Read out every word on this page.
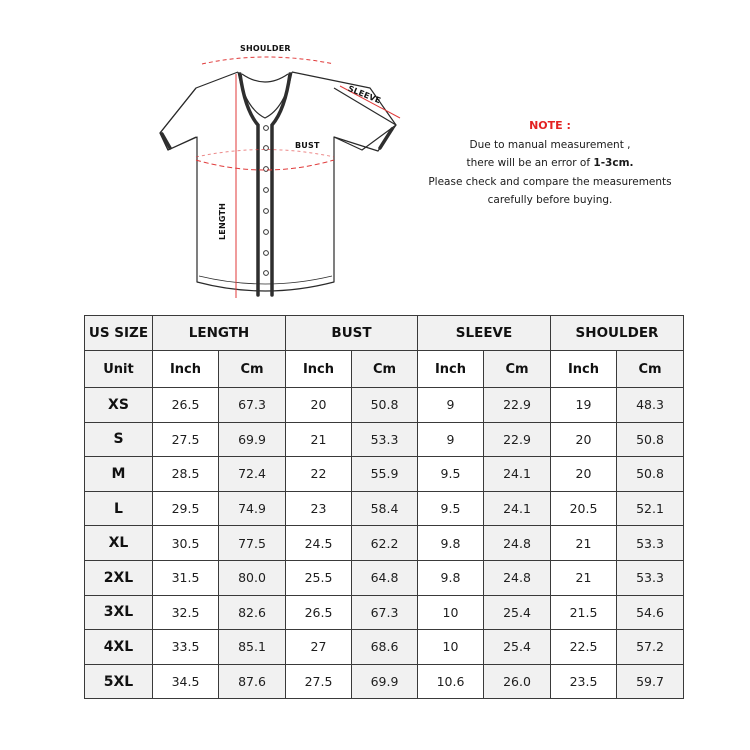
SHOULDER
SLEEVE
BUST
LENGTH
NOTE :
Due to manual measurement ,
there will be an error of 1-3cm.
Please check and compare the measurements
carefully before buying.
US SIZE	LENGTH		BUST		SLEEVE		SHOULDER	
Unit	Inch	Cm	Inch	Cm	Inch	Cm	Inch	Cm
XS	26.5	67.3	20	50.8	9	22.9	19	48.3
S	27.5	69.9	21	53.3	9	22.9	20	50.8
M	28.5	72.4	22	55.9	9.5	24.1	20	50.8
L	29.5	74.9	23	58.4	9.5	24.1	20.5	52.1
XL	30.5	77.5	24.5	62.2	9.8	24.8	21	53.3
2XL	31.5	80.0	25.5	64.8	9.8	24.8	21	53.3
3XL	32.5	82.6	26.5	67.3	10	25.4	21.5	54.6
4XL	33.5	85.1	27	68.6	10	25.4	22.5	57.2
5XL	34.5	87.6	27.5	69.9	10.6	26.0	23.5	59.7
